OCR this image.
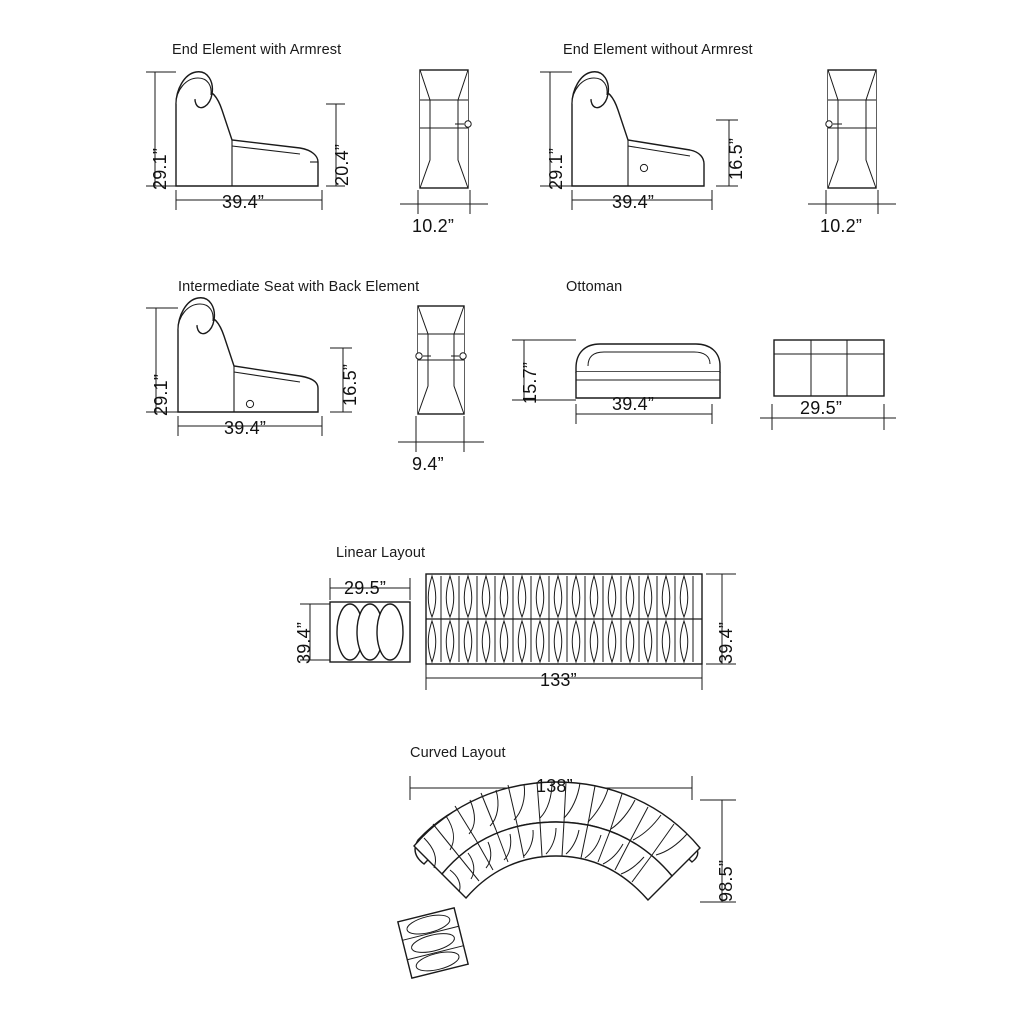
End Element with Armrest
29.1”
39.4”
20.4”
10.2”
End Element without Armrest
29.1”
39.4”
16.5”
10.2”
Intermediate Seat with Back Element
29.1”
39.4”
16.5”
9.4”
Ottoman
15.7”	39.4”	29.5”
Linear Layout
29.5”
39.4”
133”
39.4”
Curved Layout
138”
98.5”
